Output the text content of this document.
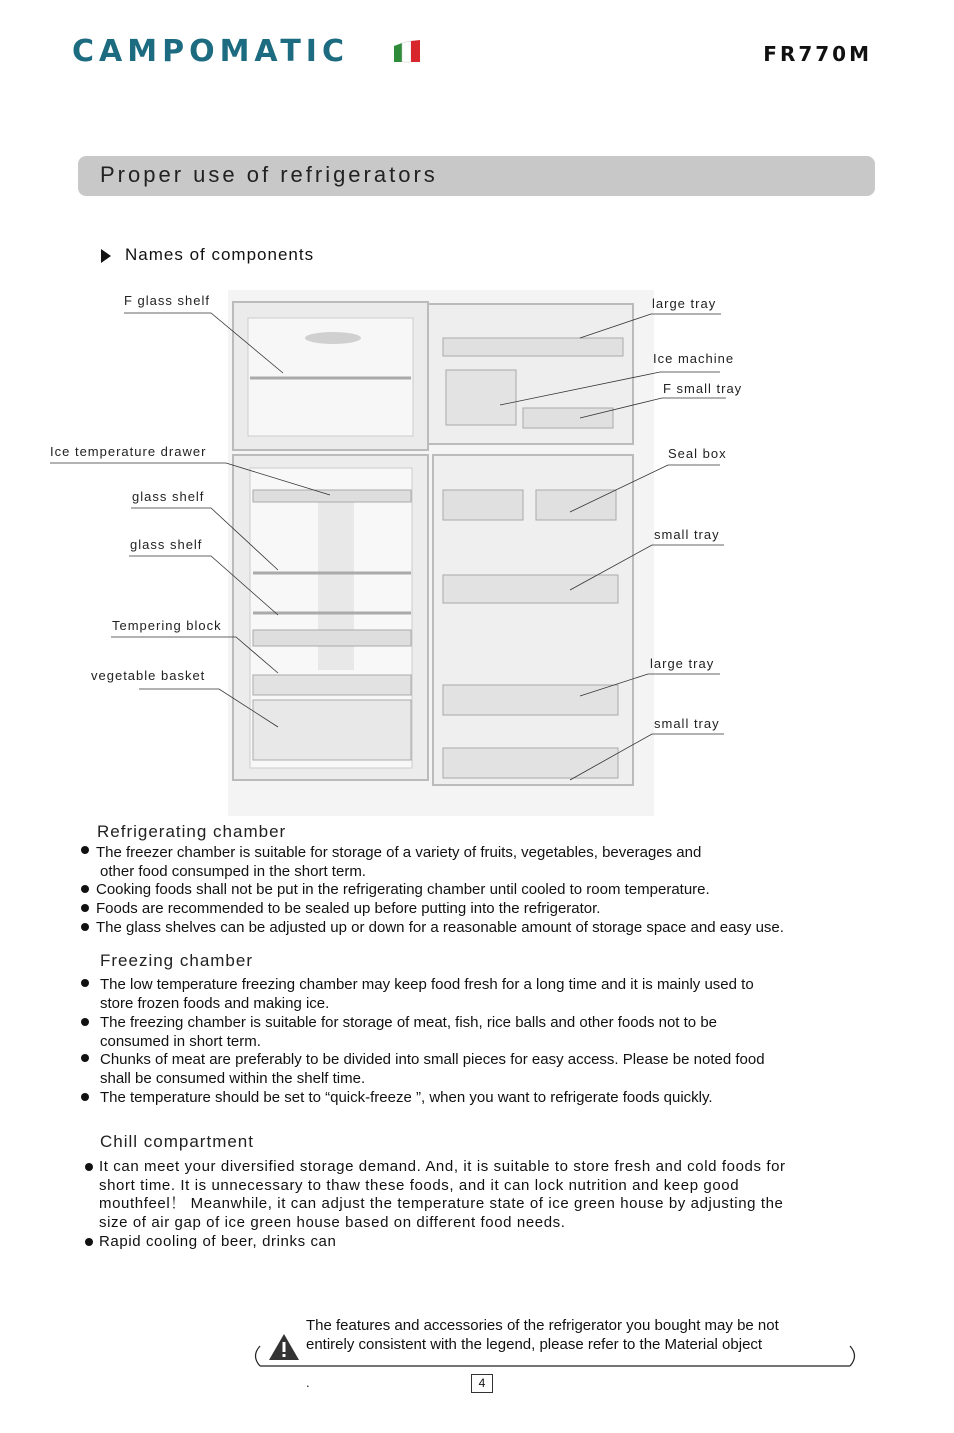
CAMPOMATIC	FR770M
Proper use of refrigerators
Names of components
F glass shelf
Ice temperature drawer
glass shelf
glass shelf
Tempering block
vegetable basket
large tray
Ice machine
F small tray
Seal box
small tray
large tray
small tray
Refrigerating chamber
The freezer chamber is suitable for storage of a variety of fruits, vegetables, beverages and
other food consumped in the short term.
Cooking foods shall not be put in the refrigerating chamber until cooled to room temperature.
Foods are recommended to be sealed up before putting into the refrigerator.
The glass shelves can be adjusted up or down for a reasonable amount of storage space and easy use.
Freezing chamber
The low temperature freezing chamber may keep food fresh for a long time and it is mainly used to
store frozen foods and making ice.
The freezing chamber is suitable for storage of meat, fish, rice balls and other foods not to be
consumed in short term.
Chunks of meat are preferably to be divided into small pieces for easy access. Please be noted food
shall be consumed within the shelf time.
The temperature should be set to “quick-freeze ”, when you want to refrigerate foods quickly.
Chill compartment
It can meet your diversified storage demand. And, it is suitable to store fresh and cold foods for
short time. It is unnecessary to thaw these foods, and it can lock nutrition and keep good
mouthfeel！ Meanwhile, it can adjust the temperature state of ice green house by adjusting the
size of air gap of ice green house based on different food needs.
Rapid cooling of beer, drinks can
The features and accessories of the refrigerator you bought may be not
entirely consistent with the legend, please refer to the Material object
.	4
